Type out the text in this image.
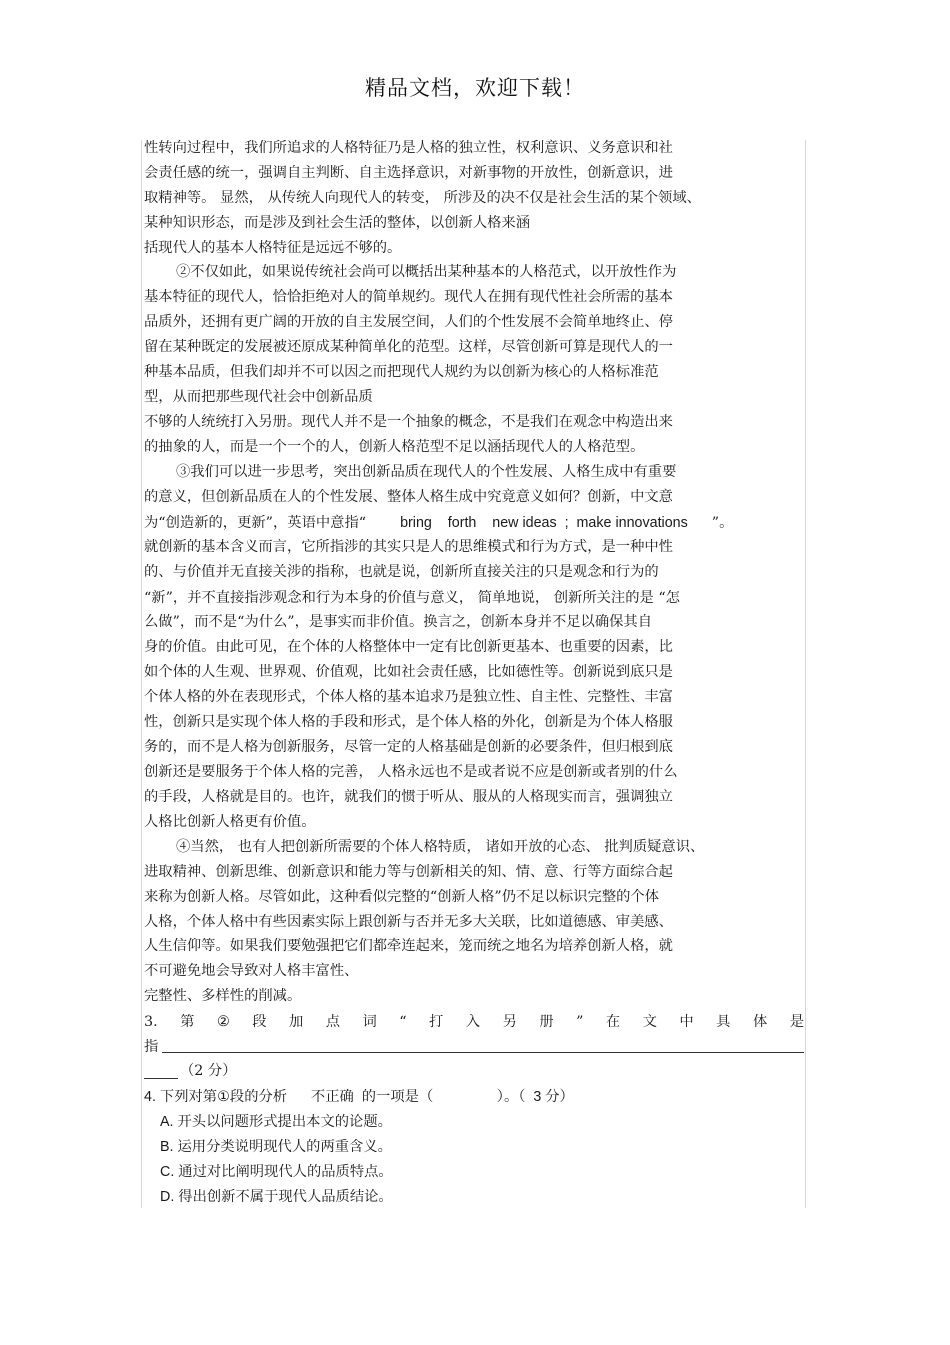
精品文档，欢迎下载！
性转向过程中，我们所追求的人格特征乃是人格的独立性，权利意识、义务意识和社
会责任感的统一，强调自主判断、自主选择意识，对新事物的开放性，创新意识，进
取精神等。 显然， 从传统人向现代人的转变， 所涉及的决不仅是社会生活的某个领域、
某种知识形态，而是涉及到社会生活的整体，以创新人格来涵
括现代人的基本人格特征是远远不够的。
②不仅如此，如果说传统社会尚可以概括出某种基本的人格范式，以开放性作为
基本特征的现代人，恰恰拒绝对人的简单规约。现代人在拥有现代性社会所需的基本
品质外，还拥有更广阔的开放的自主发展空间，人们的个性发展不会简单地终止、停
留在某种既定的发展被还原成某种简单化的范型。这样，尽管创新可算是现代人的一
种基本品质，但我们却并不可以因之而把现代人规约为以创新为核心的人格标准范
型，从而把那些现代社会中创新品质
不够的人统统打入另册。现代人并不是一个抽象的概念，不是我们在观念中构造出来
的抽象的人，而是一个一个的人，创新人格范型不足以涵括现代人的人格范型。
③我们可以进一步思考，突出创新品质在现代人的个性发展、人格生成中有重要
的意义，但创新品质在人的个性发展、整体人格生成中究竟意义如何？创新，中文意
为“创造新的，更新”，英语中意指“ bring    forth    new ideas  ;  make innovations ”。
就创新的基本含义而言，它所指涉的其实只是人的思维模式和行为方式，是一种中性
的、与价值并无直接关涉的指称，也就是说，创新所直接关注的只是观念和行为的
“新”，并不直接指涉观念和行为本身的价值与意义， 简单地说， 创新所关注的是 “怎
么做”，而不是“为什么”，是事实而非价值。换言之，创新本身并不足以确保其自
身的价值。由此可见，在个体的人格整体中一定有比创新更基本、也重要的因素，比
如个体的人生观、世界观、价值观，比如社会责任感，比如德性等。创新说到底只是
个体人格的外在表现形式，个体人格的基本追求乃是独立性、自主性、完整性、丰富
性，创新只是实现个体人格的手段和形式，是个体人格的外化，创新是为个体人格服
务的，而不是人格为创新服务，尽管一定的人格基础是创新的必要条件，但归根到底
创新还是要服务于个体人格的完善， 人格永远也不是或者说不应是创新或者别的什么
的手段，人格就是目的。也许，就我们的惯于听从、服从的人格现实而言，强调独立
人格比创新人格更有价值。
④当然， 也有人把创新所需要的个体人格特质， 诸如开放的心态、 批判质疑意识、
进取精神、创新思维、创新意识和能力等与创新相关的知、情、意、行等方面综合起
来称为创新人格。尽管如此，这种看似完整的“创新人格”仍不足以标识完整的个体
人格，个体人格中有些因素实际上跟创新与否并无多大关联，比如道德感、审美感、
人生信仰等。如果我们要勉强把它们都牵连起来，笼而统之地名为培养创新人格，就
不可避免地会导致对人格丰富性、
完整性、多样性的削减。
3. 第 ② 段 加 点 词 “ 打 入 另 册 ” 在 文 中 具 体 是
指
（2 分）
4. 下列对第①段的分析      不正确  的一项是（                ）。（  3 分）
A. 开头以问题形式提出本文的论题。
B. 运用分类说明现代人的两重含义。
C. 通过对比阐明现代人的品质特点。
D. 得出创新不属于现代人品质结论。
